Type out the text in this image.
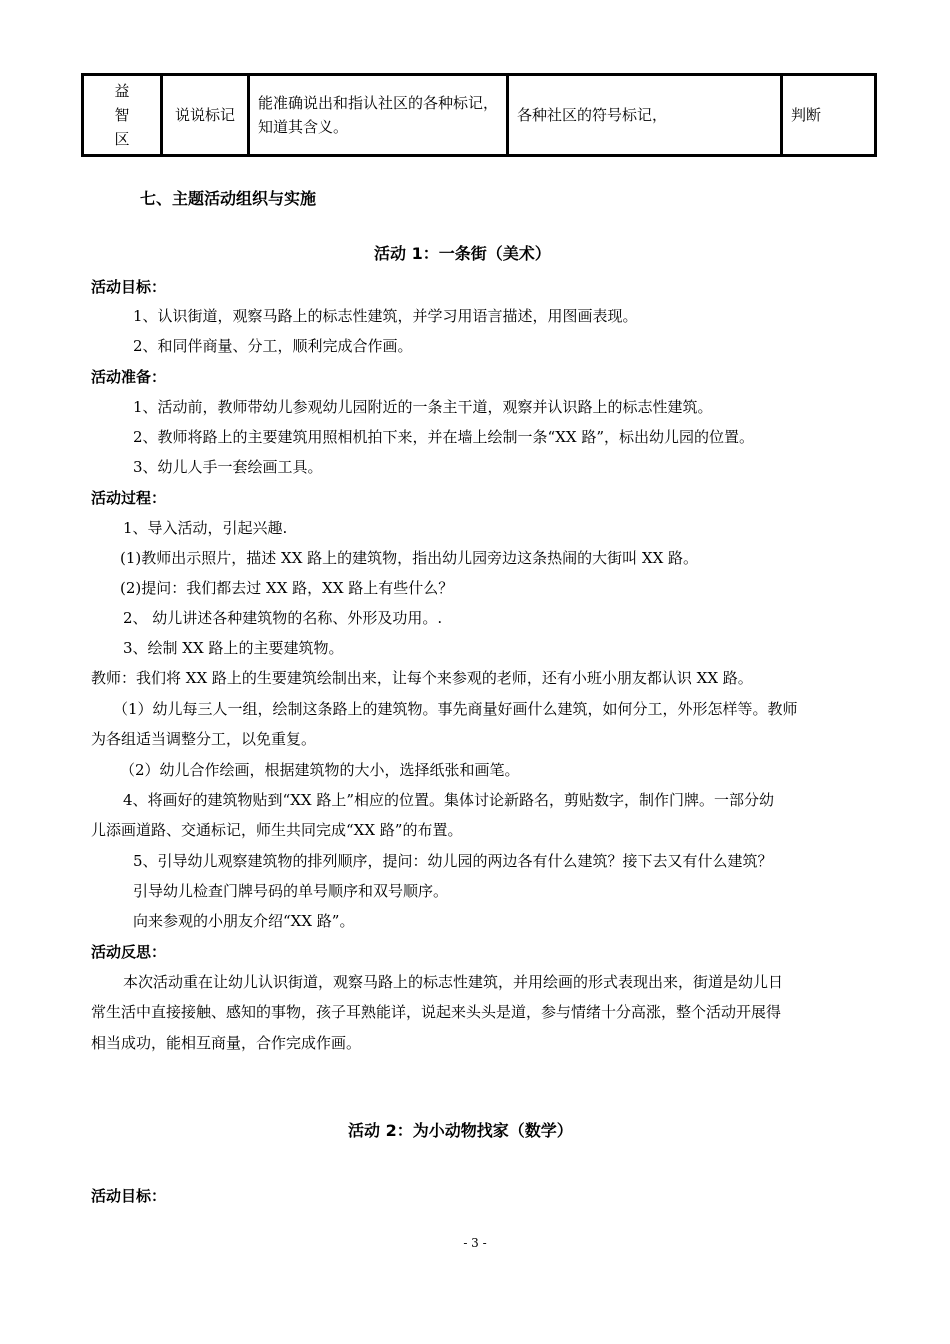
益
智
区	说说标记	能准确说出和指认社区的各种标记，知道其含义。	各种社区的符号标记，	判断
七、主题活动组织与实施
活动 1：一条街（美术）
活动目标：
1、认识街道，观察马路上的标志性建筑，并学习用语言描述，用图画表现。
2、和同伴商量、分工，顺利完成合作画。
活动准备：
1、活动前，教师带幼儿参观幼儿园附近的一条主干道，观察并认识路上的标志性建筑。
2、教师将路上的主要建筑用照相机拍下来，并在墙上绘制一条“XX 路”，标出幼儿园的位置。
3、幼儿人手一套绘画工具。
活动过程：
1、导入活动，引起兴趣.
(1)教师出示照片，描述 XX 路上的建筑物，指出幼儿园旁边这条热闹的大街叫 XX 路。
(2)提问：我们都去过 XX 路，XX 路上有些什么？
2、 幼儿讲述各种建筑物的名称、外形及功用。.
3、绘制 XX 路上的主要建筑物。
教师：我们将 XX 路上的生要建筑绘制出来，让每个来参观的老师，还有小班小朋友都认识 XX 路。
（1）幼儿每三人一组，绘制这条路上的建筑物。事先商量好画什么建筑，如何分工，外形怎样等。教师
为各组适当调整分工，以免重复。
（2）幼儿合作绘画，根据建筑物的大小，选择纸张和画笔。
4、将画好的建筑物贴到“XX 路上”相应的位置。集体讨论新路名，剪贴数字，制作门牌。一部分幼
儿添画道路、交通标记，师生共同完成“XX 路”的布置。
5、引导幼儿观察建筑物的排列顺序，提问：幼儿园的两边各有什么建筑？接下去又有什么建筑？
引导幼儿检查门牌号码的单号顺序和双号顺序。
向来参观的小朋友介绍“XX 路”。
活动反思：
本次活动重在让幼儿认识街道，观察马路上的标志性建筑，并用绘画的形式表现出来，街道是幼儿日
常生活中直接接触、感知的事物，孩子耳熟能详，说起来头头是道，参与情绪十分高涨，整个活动开展得
相当成功，能相互商量，合作完成作画。
活动 2：为小动物找家（数学）
活动目标：
- 3 -
